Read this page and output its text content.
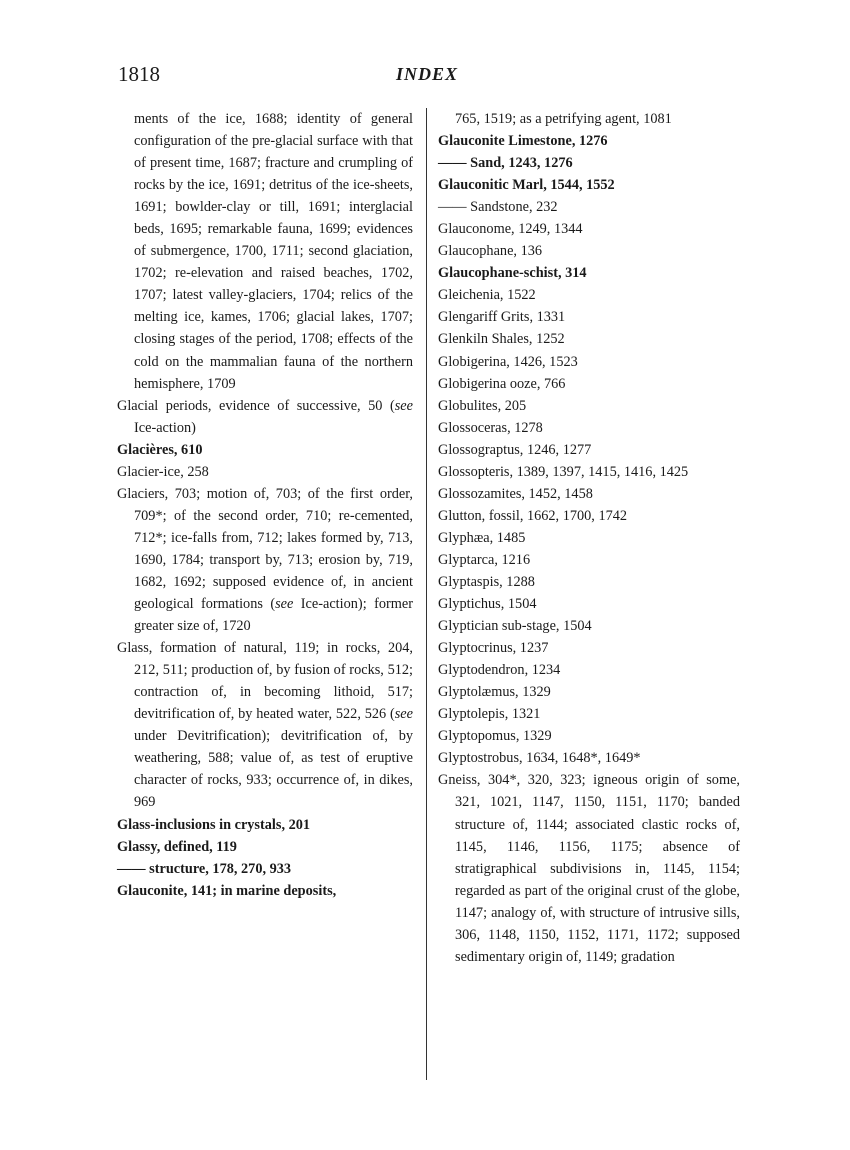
1818	INDEX
ments of the ice, 1688; identity of general configuration of the pre-glacial surface with that of present time, 1687; fracture and crumpling of rocks by the ice, 1691; detritus of the ice-sheets, 1691; bowlder-clay or till, 1691; interglacial beds, 1695; remarkable fauna, 1699; evidences of submergence, 1700, 1711; second glaciation, 1702; re-elevation and raised beaches, 1702, 1707; latest valley-glaciers, 1704; relics of the melting ice, kames, 1706; glacial lakes, 1707; closing stages of the period, 1708; effects of the cold on the mammalian fauna of the northern hemisphere, 1709
Glacial periods, evidence of successive, 50 (see Ice-action)
Glacières, 610
Glacier-ice, 258
Glaciers, 703; motion of, 703; of the first order, 709*; of the second order, 710; re-cemented, 712*; ice-falls from, 712; lakes formed by, 713, 1690, 1784; transport by, 713; erosion by, 719, 1682, 1692; supposed evidence of, in ancient geological formations (see Ice-action); former greater size of, 1720
Glass, formation of natural, 119; in rocks, 204, 212, 511; production of, by fusion of rocks, 512; contraction of, in becoming lithoid, 517; devitrification of, by heated water, 522, 526 (see under Devitrification); devitrification of, by weathering, 588; value of, as test of eruptive character of rocks, 933; occurrence of, in dikes, 969
Glass-inclusions in crystals, 201
Glassy, defined, 119
—— structure, 178, 270, 933
Glauconite, 141; in marine deposits,
765, 1519; as a petrifying agent, 1081
Glauconite Limestone, 1276
—— Sand, 1243, 1276
Glauconitic Marl, 1544, 1552
—— Sandstone, 232
Glauconome, 1249, 1344
Glaucophane, 136
Glaucophane-schist, 314
Gleichenia, 1522
Glengariff Grits, 1331
Glenkiln Shales, 1252
Globigerina, 1426, 1523
Globigerina ooze, 766
Globulites, 205
Glossoceras, 1278
Glossograptus, 1246, 1277
Glossopteris, 1389, 1397, 1415, 1416, 1425
Glossozamites, 1452, 1458
Glutton, fossil, 1662, 1700, 1742
Glyphæa, 1485
Glyptarca, 1216
Glyptaspis, 1288
Glyptichus, 1504
Glyptician sub-stage, 1504
Glyptocrinus, 1237
Glyptodendron, 1234
Glyptolæmus, 1329
Glyptolepis, 1321
Glyptopomus, 1329
Glyptostrobus, 1634, 1648*, 1649*
Gneiss, 304*, 320, 323; igneous origin of some, 321, 1021, 1147, 1150, 1151, 1170; banded structure of, 1144; associated clastic rocks of, 1145, 1146, 1156, 1175; absence of stratigraphical subdivisions in, 1145, 1154; regarded as part of the original crust of the globe, 1147; analogy of, with structure of intrusive sills, 306, 1148, 1150, 1152, 1171, 1172; supposed sedimentary origin of, 1149; gradation
